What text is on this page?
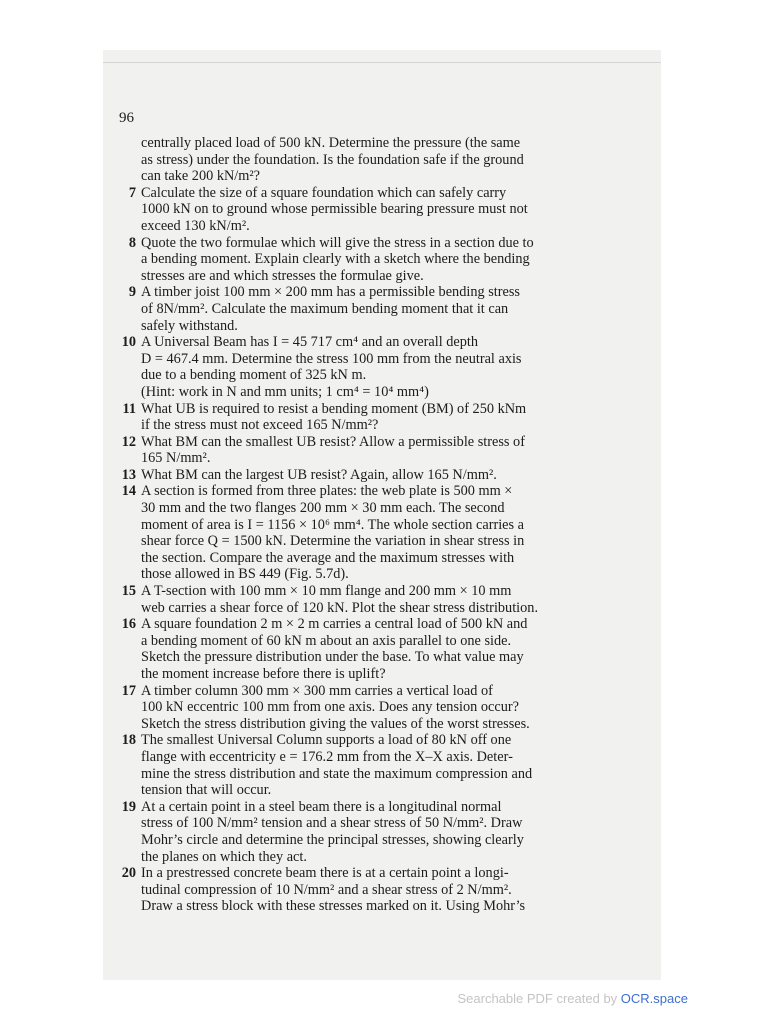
96
centrally placed load of 500 kN. Determine the pressure (the same
as stress) under the foundation. Is the foundation safe if the ground
can take 200 kN/m²?
7 Calculate the size of a square foundation which can safely carry
1000 kN on to ground whose permissible bearing pressure must not
exceed 130 kN/m².
8 Quote the two formulae which will give the stress in a section due to
a bending moment. Explain clearly with a sketch where the bending
stresses are and which stresses the formulae give.
9 A timber joist 100 mm × 200 mm has a permissible bending stress
of 8N/mm². Calculate the maximum bending moment that it can
safely withstand.
10 A Universal Beam has I = 45 717 cm⁴ and an overall depth
D = 467.4 mm. Determine the stress 100 mm from the neutral axis
due to a bending moment of 325 kN m.
(Hint: work in N and mm units; 1 cm⁴ = 10⁴ mm⁴)
11 What UB is required to resist a bending moment (BM) of 250 kNm
if the stress must not exceed 165 N/mm²?
12 What BM can the smallest UB resist? Allow a permissible stress of
165 N/mm².
13 What BM can the largest UB resist? Again, allow 165 N/mm².
14 A section is formed from three plates: the web plate is 500 mm ×
30 mm and the two flanges 200 mm × 30 mm each. The second
moment of area is I = 1156 × 10⁶ mm⁴. The whole section carries a
shear force Q = 1500 kN. Determine the variation in shear stress in
the section. Compare the average and the maximum stresses with
those allowed in BS 449 (Fig. 5.7d).
15 A T-section with 100 mm × 10 mm flange and 200 mm × 10 mm
web carries a shear force of 120 kN. Plot the shear stress distribution.
16 A square foundation 2 m × 2 m carries a central load of 500 kN and
a bending moment of 60 kN m about an axis parallel to one side.
Sketch the pressure distribution under the base. To what value may
the moment increase before there is uplift?
17 A timber column 300 mm × 300 mm carries a vertical load of
100 kN eccentric 100 mm from one axis. Does any tension occur?
Sketch the stress distribution giving the values of the worst stresses.
18 The smallest Universal Column supports a load of 80 kN off one
flange with eccentricity e = 176.2 mm from the X–X axis. Deter-
mine the stress distribution and state the maximum compression and
tension that will occur.
19 At a certain point in a steel beam there is a longitudinal normal
stress of 100 N/mm² tension and a shear stress of 50 N/mm². Draw
Mohr’s circle and determine the principal stresses, showing clearly
the planes on which they act.
20 In a prestressed concrete beam there is at a certain point a longi-
tudinal compression of 10 N/mm² and a shear stress of 2 N/mm².
Draw a stress block with these stresses marked on it. Using Mohr’s
Searchable PDF created by OCR.space
